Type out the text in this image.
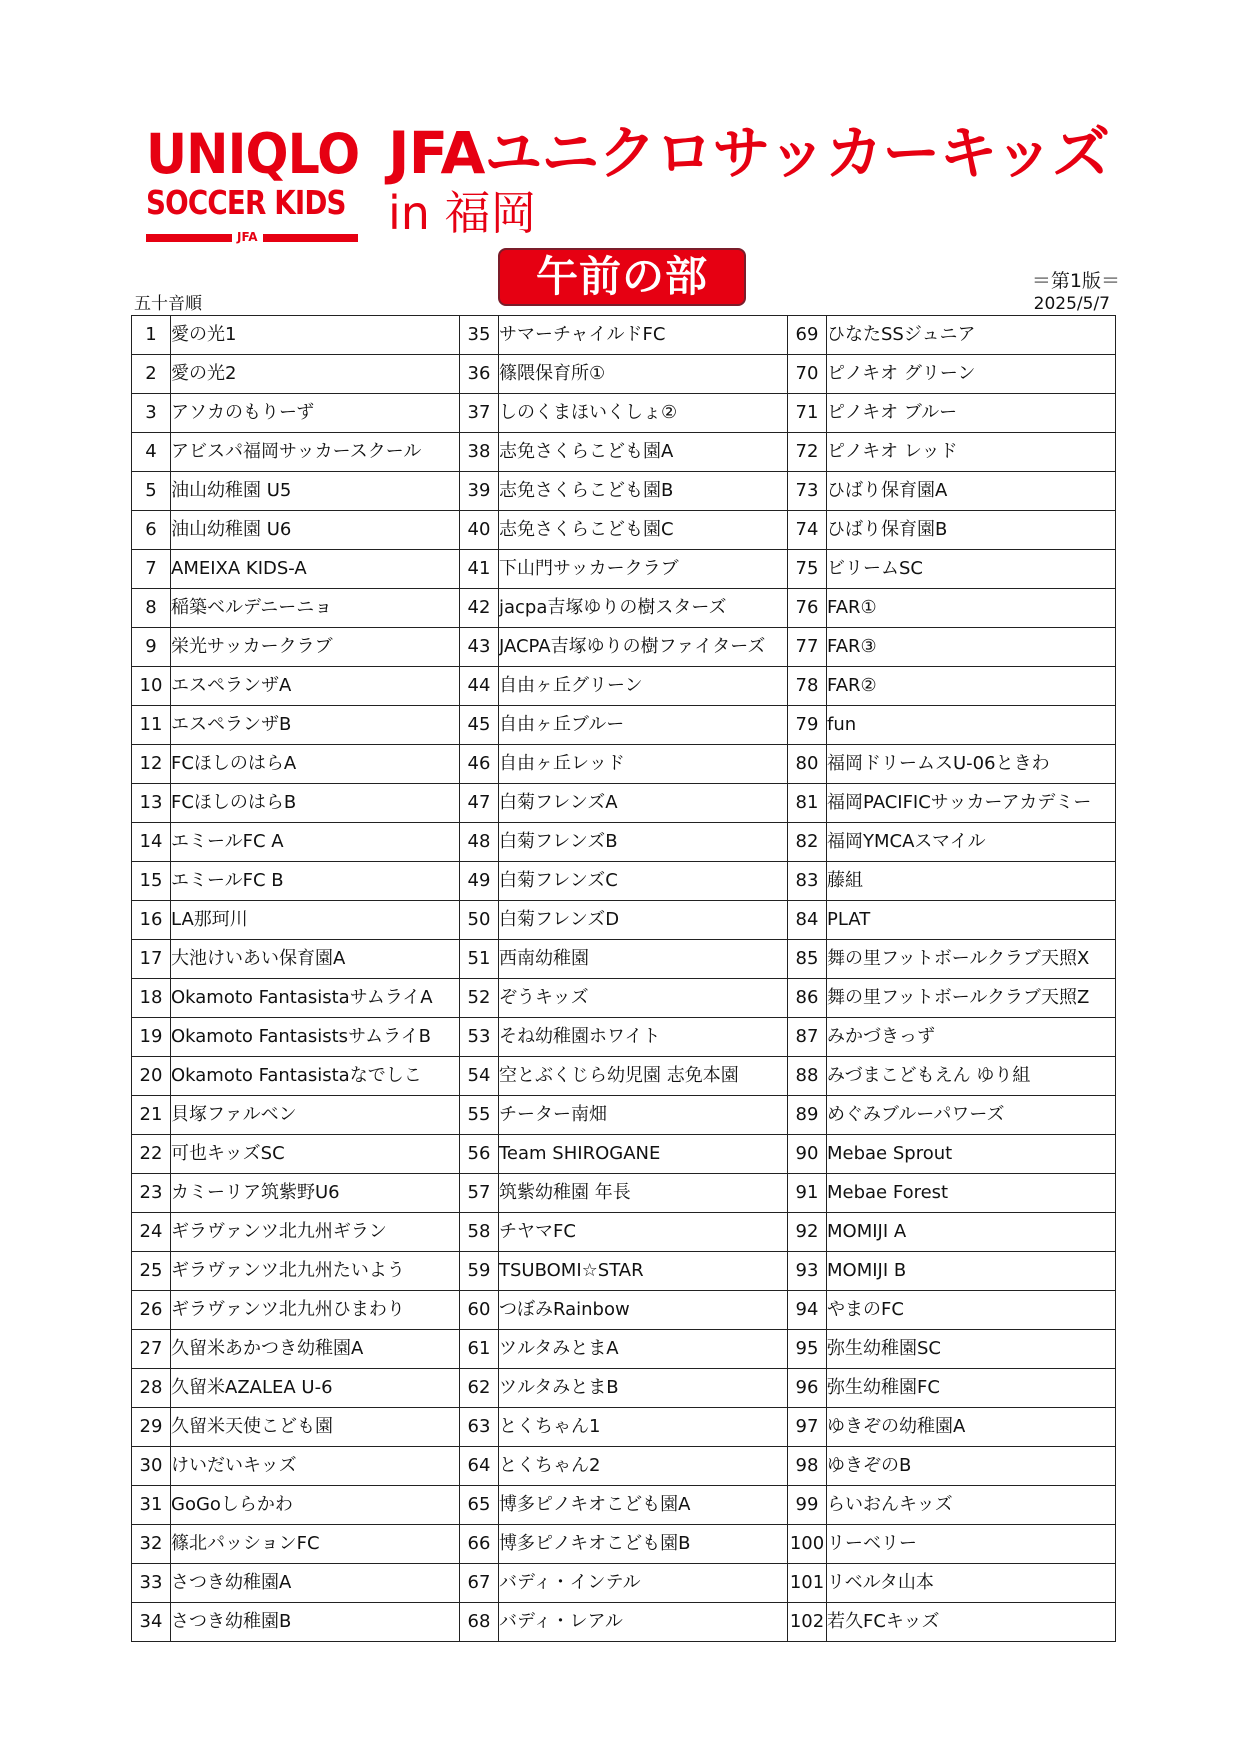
UNIQLO
SOCCER KIDS
JFA
JFAユニクロサッカーキッズ
in 福岡
午前の部	＝第1版＝
2025/5/7
五十音順
1	愛の光1	35	サマーチャイルドFC	69	ひなたSSジュニア
2	愛の光2	36	篠隈保育所①	70	ピノキオ グリーン
3	アソカのもりーず	37	しのくまほいくしょ②	71	ピノキオ ブルー
4	アビスパ福岡サッカースクール	38	志免さくらこども園A	72	ピノキオ レッド
5	油山幼稚園 U5	39	志免さくらこども園B	73	ひばり保育園A
6	油山幼稚園 U6	40	志免さくらこども園C	74	ひばり保育園B
7	AMEIXA KIDS-A	41	下山門サッカークラブ	75	ビリームSC
8	稲築ベルデニーニョ	42	jacpa吉塚ゆりの樹スターズ	76	FAR①
9	栄光サッカークラブ	43	JACPA吉塚ゆりの樹ファイターズ	77	FAR③
10	エスペランザA	44	自由ヶ丘グリーン	78	FAR②
11	エスペランザB	45	自由ヶ丘ブルー	79	fun
12	FCほしのはらA	46	自由ヶ丘レッド	80	福岡ドリームスU-06ときわ
13	FCほしのはらB	47	白菊フレンズA	81	福岡PACIFICサッカーアカデミー
14	エミールFC A	48	白菊フレンズB	82	福岡YMCAスマイル
15	エミールFC B	49	白菊フレンズC	83	藤組
16	LA那珂川	50	白菊フレンズD	84	PLAT
17	大池けいあい保育園A	51	西南幼稚園	85	舞の里フットボールクラブ天照X
18	Okamoto FantasistaサムライA	52	ぞうキッズ	86	舞の里フットボールクラブ天照Z
19	Okamoto FantasistsサムライB	53	そね幼稚園ホワイト	87	みかづきっず
20	Okamoto Fantasistaなでしこ	54	空とぶくじら幼児園 志免本園	88	みづまこどもえん ゆり組
21	貝塚ファルベン	55	チーター南畑	89	めぐみブルーパワーズ
22	可也キッズSC	56	Team SHIROGANE	90	Mebae Sprout
23	カミーリア筑紫野U6	57	筑紫幼稚園 年長	91	Mebae Forest
24	ギラヴァンツ北九州ギラン	58	チヤマFC	92	MOMIJI A
25	ギラヴァンツ北九州たいよう	59	TSUBOMI☆STAR	93	MOMIJI B
26	ギラヴァンツ北九州ひまわり	60	つぼみRainbow	94	やまのFC
27	久留米あかつき幼稚園A	61	ツルタみとまA	95	弥生幼稚園SC
28	久留米AZALEA U-6	62	ツルタみとまB	96	弥生幼稚園FC
29	久留米天使こども園	63	とくちゃん1	97	ゆきぞの幼稚園A
30	けいだいキッズ	64	とくちゃん2	98	ゆきぞのB
31	GoGoしらかわ	65	博多ピノキオこども園A	99	らいおんキッズ
32	篠北パッションFC	66	博多ピノキオこども園B	100	リーベリー
33	さつき幼稚園A	67	バディ・インテル	101	リベルタ山本
34	さつき幼稚園B	68	バディ・レアル	102	若久FCキッズ
